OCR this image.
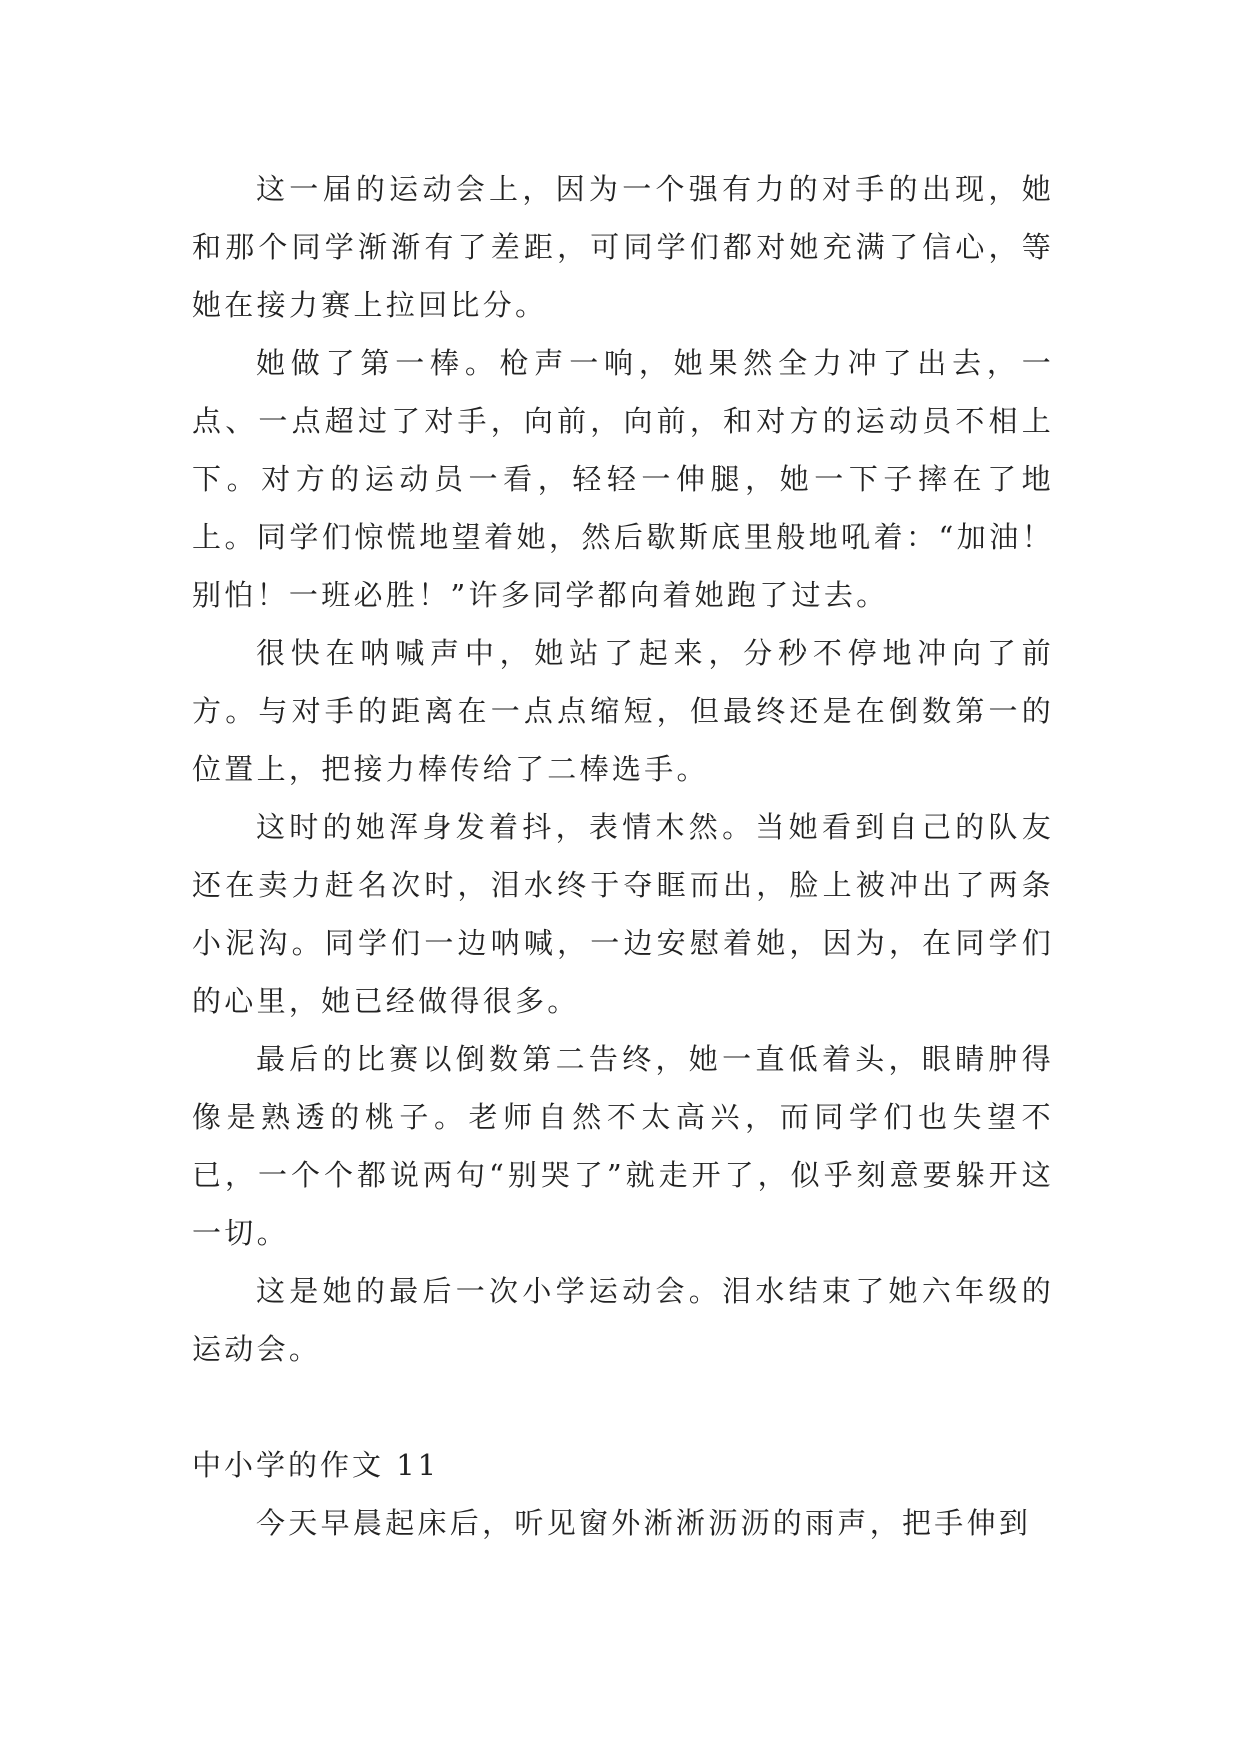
这一届的运动会上，因为一个强有力的对手的出现，她和那个同学渐渐有了差距，可同学们都对她充满了信心，等她在接力赛上拉回比分。

她做了第一棒。枪声一响，她果然全力冲了出去，一点、一点超过了对手，向前，向前，和对方的运动员不相上下。对方的运动员一看，轻轻一伸腿，她一下子摔在了地上。同学们惊慌地望着她，然后歇斯底里般地吼着：“加油！别怕！一班必胜！”许多同学都向着她跑了过去。

很快在呐喊声中，她站了起来，分秒不停地冲向了前方。与对手的距离在一点点缩短，但最终还是在倒数第一的位置上，把接力棒传给了二棒选手。

这时的她浑身发着抖，表情木然。当她看到自己的队友还在卖力赶名次时，泪水终于夺眶而出，脸上被冲出了两条小泥沟。同学们一边呐喊，一边安慰着她，因为，在同学们的心里，她已经做得很多。

最后的比赛以倒数第二告终，她一直低着头，眼睛肿得像是熟透的桃子。老师自然不太高兴，而同学们也失望不已，一个个都说两句“别哭了”就走开了，似乎刻意要躲开这一切。

这是她的最后一次小学运动会。泪水结束了她六年级的运动会。

中小学的作文 11

今天早晨起床后，听见窗外淅淅沥沥的雨声，把手伸到
